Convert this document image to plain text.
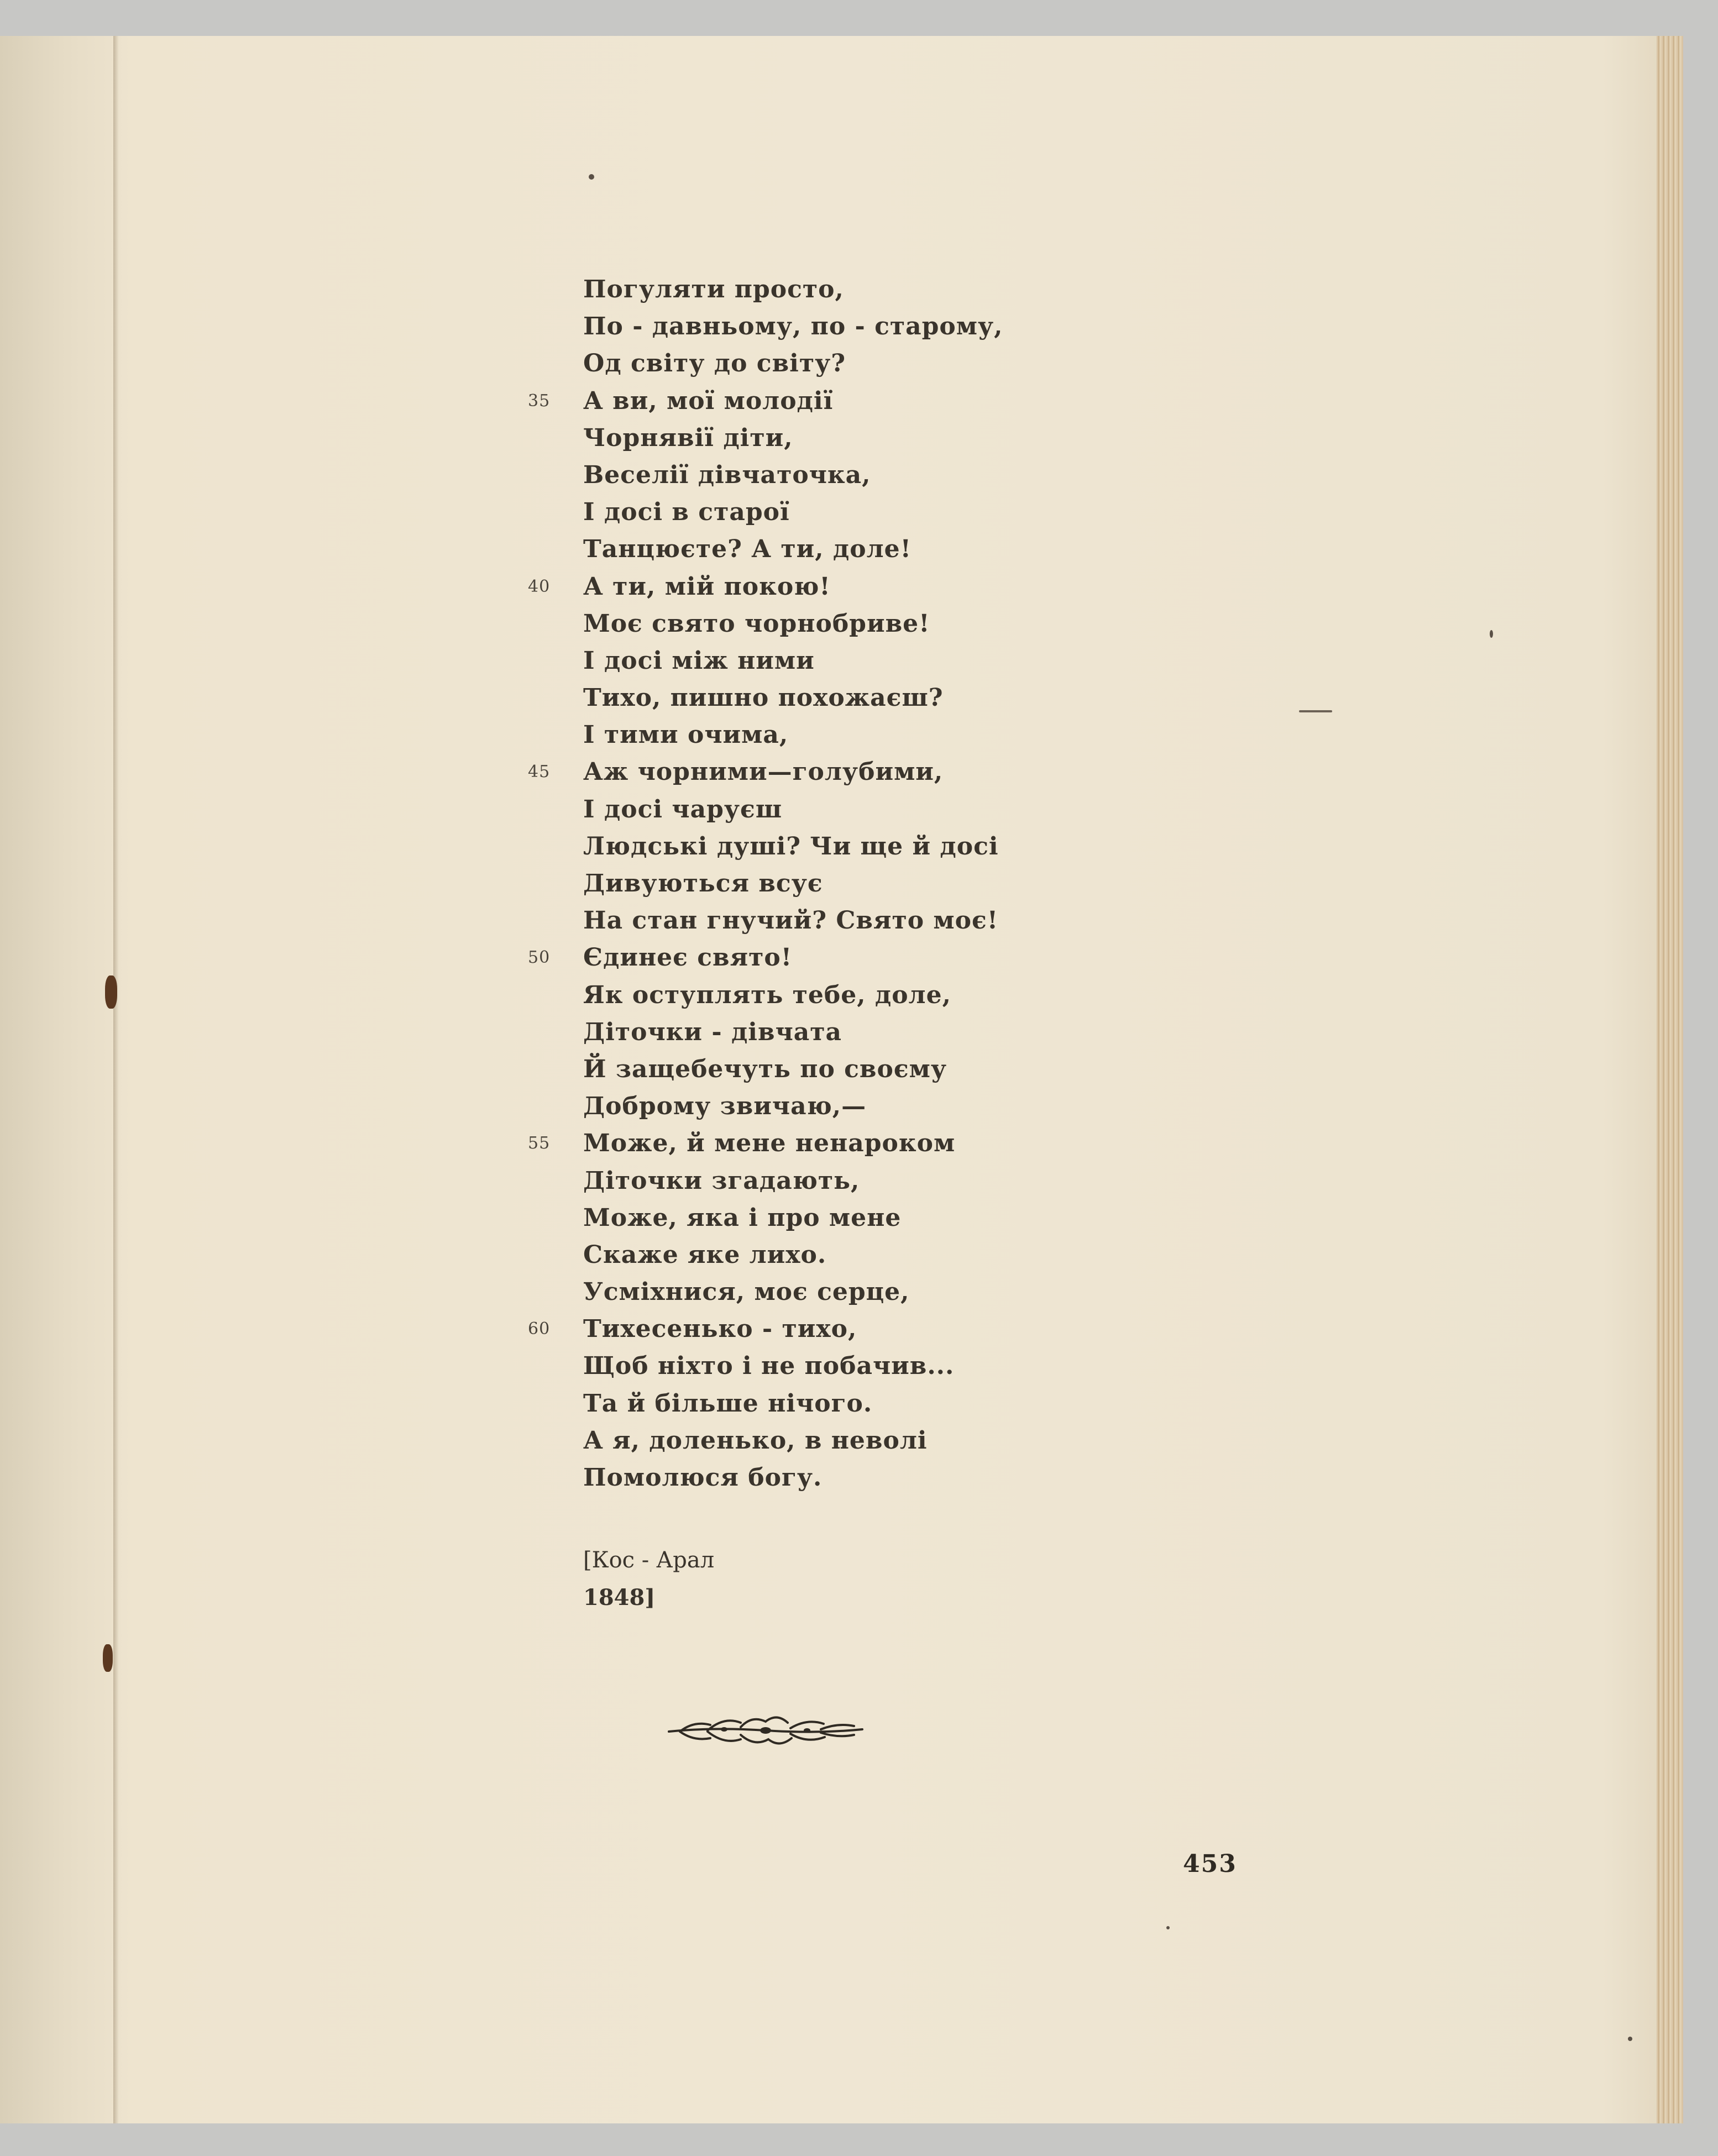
Погуляти просто,
По - давньому, по - старому,
Од світу до світу?
35 А ви, мої молодії
Чорнявії діти,
Веселії дівчаточка,
І досі в старої
Танцюєте? А ти, доле!
40 А ти, мій покою!
Моє свято чорнобриве!
І досі між ними
Тихо, пишно похожаєш?
І тими очима,
45 Аж чорними—голубими,
І досі чаруєш
Людські душі? Чи ще й досі
Дивуються всує
На стан гнучий? Свято моє!
50 Єдинеє свято!
Як оступлять тебе, доле,
Діточки - дівчата
Й защебечуть по своєму
Доброму звичаю,—
55 Може, й мене ненароком
Діточки згадають,
Може, яка і про мене
Скаже яке лихо.
Усміхнися, моє серце,
60 Тихесенько - тихо,
Щоб ніхто і не побачив...
Та й більше нічого.
А я, доленько, в неволі
Помолюся богу.
[Кос - Арал
1848]
453
